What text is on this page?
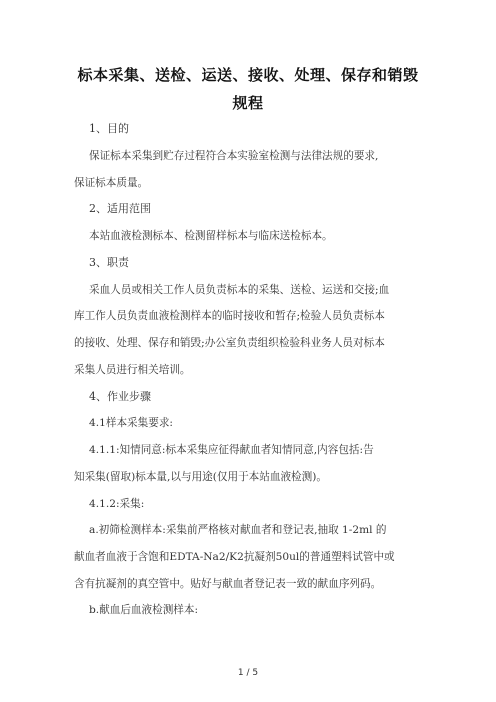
标本采集、送检、运送、接收、处理、保存和销毁
规程
1、目的
保证标本采集到贮存过程符合本实验室检测与法律法规的要求,
保证标本质量。
2、适用范围
本站血液检测标本、检测留样标本与临床送检标本。
3、职责
采血人员或相关工作人员负责标本的采集、送检、运送和交接;血
库工作人员负责血液检测样本的临时接收和暂存;检验人员负责标本
的接收、处理、保存和销毁;办公室负责组织检验科业务人员对标本
采集人员进行相关培训。
4、作业步骤
4.1样本采集要求:
4.1.1:知情同意:标本采集应征得献血者知情同意,内容包括:告
知采集(留取)标本量,以与用途(仅用于本站血液检测)。
4.1.2:采集:
a.初筛检测样本:采集前严格核对献血者和登记表,抽取 1-2ml 的
献血者血液于含饱和EDTA-Na2/K2抗凝剂50ul的普通塑料试管中或
含有抗凝剂的真空管中。贴好与献血者登记表一致的献血序列码。
b.献血后血液检测样本:
1 / 5
